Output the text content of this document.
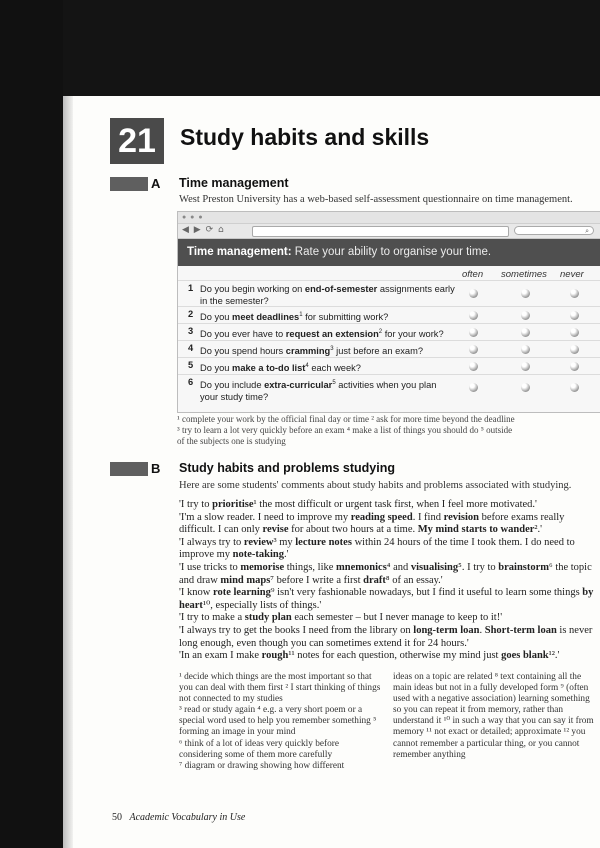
21	Study habits and skills
A Time management
West Preston University has a web-based self-assessment questionnaire on time management.
● ● ●
◀ ▶ ⟳ ⌂	⌕
Time management: Rate your ability to organise your time.
often sometimes never
1 Do you begin working on end-of-semester assignments early in the semester?
2 Do you meet deadlines$^1$ for submitting work?
3 Do you ever have to request an extension$^2$ for your work?
4 Do you spend hours cramming$^3$ just before an exam?
5 Do you make a to-do list$^4$ each week?
6 Do you include extra-curricular$^5$ activities when you plan your study time?
¹ complete your work by the official final day or time ² ask for more time beyond the deadline
³ try to learn a lot very quickly before an exam ⁴ make a list of things you should do ⁵ outside
of the subjects one is studying
B Study habits and problems studying
Here are some students' comments about study habits and problems associated with studying.

'I try to prioritise¹ the most difficult or urgent task first, when I feel more motivated.'

'I'm a slow reader. I need to improve my reading speed. I find revision before exams really difficult. I can only revise for about two hours at a time. My mind starts to wander².'

'I always try to review³ my lecture notes within 24 hours of the time I took them. I do need to improve my note-taking.'

'I use tricks to memorise things, like mnemonics⁴ and visualising⁵. I try to brainstorm⁶ the topic and draw mind maps⁷ before I write a first draft⁸ of an essay.'

'I know rote learning⁹ isn't very fashionable nowadays, but I find it useful to learn some things by heart¹⁰, especially lists of things.'

'I try to make a study plan each semester – but I never manage to keep to it!'

'I always try to get the books I need from the library on long-term loan. Short-term loan is never long enough, even though you can sometimes extend it for 24 hours.'

'In an exam I make rough¹¹ notes for each question, otherwise my mind just goes blank¹².'

¹ decide which things are the most important so that you can deal with them first ² I start thinking of things not connected to my studies

³ read or study again ⁴ e.g. a very short poem or a special word used to help you remember something ⁵ forming an image in your mind

⁶ think of a lot of ideas very quickly before considering some of them more carefully

⁷ diagram or drawing showing how different

ideas on a topic are related ⁸ text containing all the main ideas but not in a fully developed form ⁹ (often used with a negative association) learning something so you can repeat it from memory, rather than understand it ¹⁰ in such a way that you can say it from memory ¹¹ not exact or detailed; approximate ¹² you cannot remember a particular thing, or you cannot remember anything

50 Academic Vocabulary in Use
